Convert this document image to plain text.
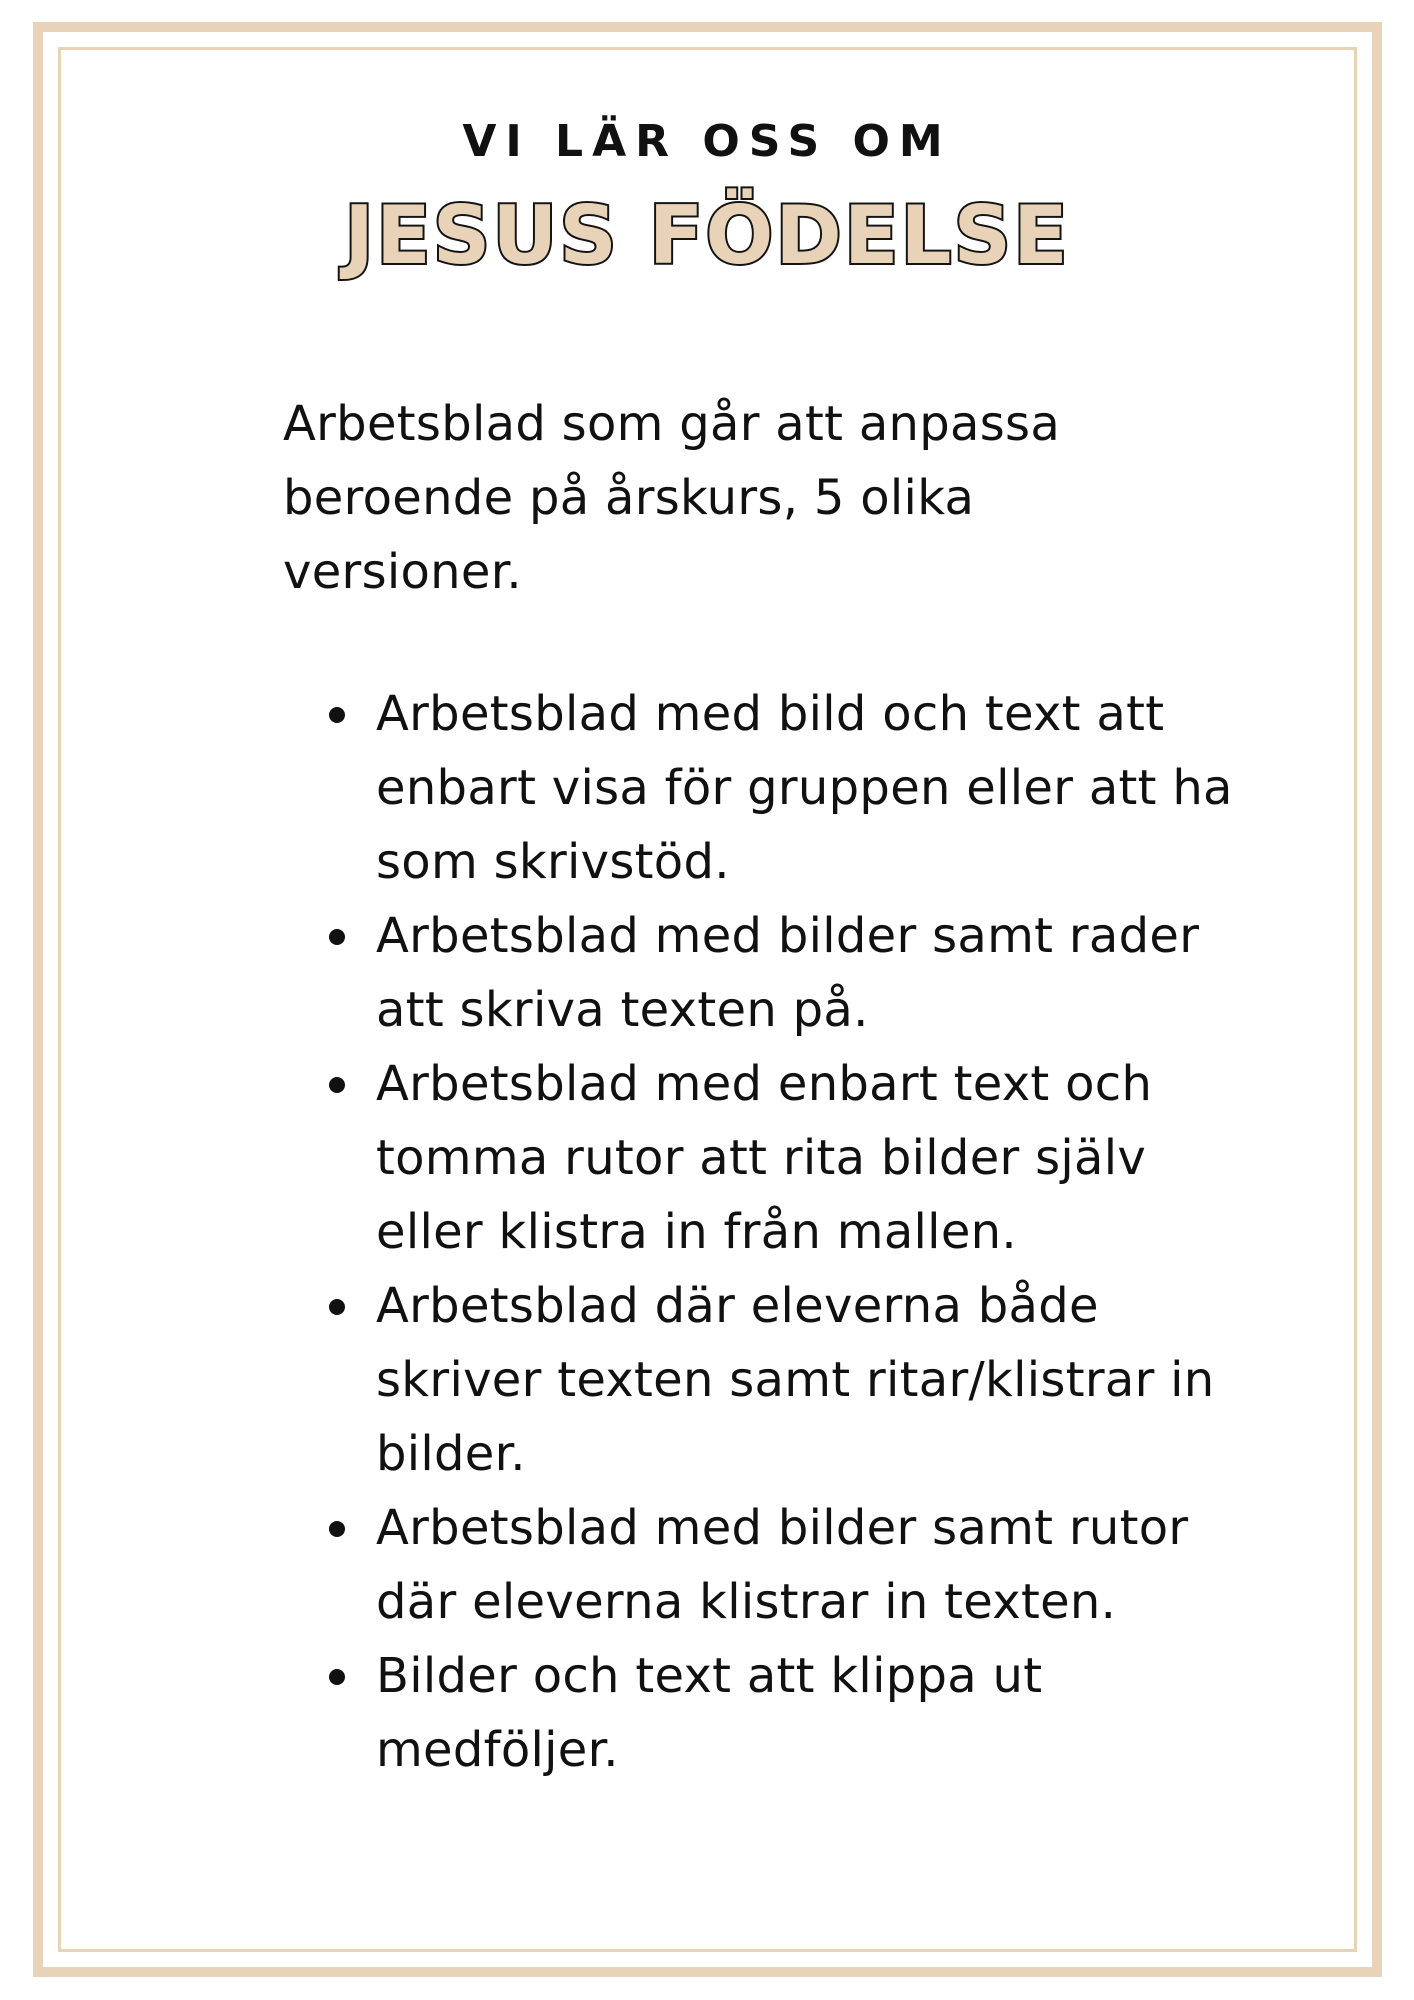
VI LÄR OSS OM
JESUS FÖDELSE

Arbetsblad som går att anpassa beroende på årskurs, 5 olika versioner.

Arbetsblad med bild och text att enbart visa för gruppen eller att ha som skrivstöd.
Arbetsblad med bilder samt rader att skriva texten på.
Arbetsblad med enbart text och tomma rutor att rita bilder själv eller klistra in från mallen.
Arbetsblad där eleverna både skriver texten samt ritar/klistrar in bilder.
Arbetsblad med bilder samt rutor där eleverna klistrar in texten.
Bilder och text att klippa ut medföljer.
